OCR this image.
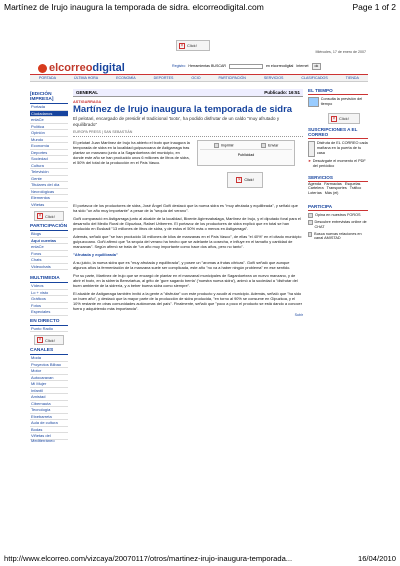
Martínez de Irujo inaugura la temporada de sidra. elcorreodigital.com	Page 1 of 2
× Click!
Miércoles, 17 de enero de 2007
elcorreo digital	Registro Herramientas BUSCAR	en elcorreodigital Internet	ok
PORTADA	ÚLTIMA HORA	ECONOMÍA	DEPORTES	OCIO	PARTICIPACIÓN	SERVICIOS	CLASIFICADOS	TIENDA
[EDICIÓN IMPRESA]
Portada
Ciudadanos
enlaCe
Política
Opinión
Mundo
Economía
Deportes
Sociedad
Cultura
Televisión
Gente
Titulares del día
Necrológicas
Elementos
Viñetas
× Click!
PARTICIPACIÓN
Blogs
Aquí cuentas
enlaCe
Foros
Chats
Videochats
MULTIMEDIA
Vídeos
Lo + visto
Gráficos
Fotos
Especiales
EN DIRECTO
Punto Radio
× Click!
CANALES
Moda
Proyectos Bilbao
Motor
Autocaravan
Mi Mujer
Infantil
Amistad
Cibernauta
Tecnología
Etxebarreta
Aula de cultura
Bodas
Viñetas del Mediterráneo
GENERAL	Publicado: 16:51
ASTIGARRAGA
Martínez de Irujo inaugura la temporada de sidra
El pelotari, encargado de presidir el tradicional 'txotx', ha podido disfrutar de un caldo "muy afrutado y equilibrado"
EUROPA PRESS | SAN SEBASTIÁN
El pelotari Juan Martínez de Irujo ha abierto el txotx que inaugura la temporada de sidra en la localidad guipuzcoana de Astigarraga tras plantar un manzano junto a la Sagardoetxea del municipio, en donde este año se han producido unos 6 millones de litros de sidra, el 50% del total de la producción en el País Vasco.
Imprimir	Enviar
Publicidad
× Click!
El portavoz de los productores de sidra, José Ángel Goñi destacó que la nueva sidra es "muy afrutada y equilibrada", y señaló que ha sido "un año muy importante" a pesar de la "sequía del verano".
Goñi comparació en Astigarraga junto al alcalde de la localidad, Bixente Agirrezabalaga, Martínez de Irujo, y el diputado foral para el desarrollo del Medio Rural de Gipuzkoa, Rafael Uriberren. El portavoz de los productores de sidra explicó que en total se han producido en Euskadi "13 millones de litros de sidra, y de estos el 50% más o menos en Astigarraga".
Además, señaló que "se han producido 16 millones de kilos de manzanas en el País Vasco", de ellas "el 40%" en el citado municipio guipuzcoano. Goñi afirmó que "la sequía del verano ha hecho que se adelante la cosecha, e influye en el tamaño y cantidad de manzanas". Según afirmó se trata de "un año muy importante como hace dos años, pero no tanto".
"Afrutada y equilibrada"
A su juicio, la nueva sidra que es "muy afrutada y equilibrada", y posee un "aromas a frutas cítricas". Goñi señaló que aunque algunos años la fermentación de la manzana suele ser complicada, este año "no va a haber ningún problema" en ese sentido.
Por su parte, Martínez de Irujo que se encargó de plantar en el manzanal municipales de Sagardoetxea un nuevo manzano, y de abrir el txotx, en la sidrería Bereziartua, al grito de 'gure sagardo berria' ('nuestra nueva sidra'), animó a la sociedad a "disfrutar del buen ambiente de la sidrería, y a beber buena sidra como siempre".
El alcalde de Astigarraga también invitó a la gente a "disfrutar" con este producto y acudir al municipio. Además, señaló que "ha sido un buen año", y destacó que la mayor parte de la producción de sidra producida, "en torno al 90% se consume en Gipuzkoa, y el 10% restante en otras comunidades autónomas del país". Finalmente, señaló que "poco a poco el producto se está dando a conocer fuera y adquiriendo más importancia".
Subir
EL TIEMPO
Consulta la previsión del tiempo
× Click!
SUSCRIPCIONES A EL CORREO
Disfruta de EL CORREO cada mañana en la puerta de tu casa
► Descárgate el momento el PDF del periódico
SERVICIOS
Agenda Farmacias Esquelas
Cartelera Transportes Tráfico
Loterías Más (el)
PARTICIPA
Opina en nuestros FOROS
Descubre entrevistas online de CHAT
Busca nuevas relaciones en canal AMISTAD
http://www.elcorreo.com/vizcaya/20070117/otros/martinez-irujo-inaugura-temporada...	16/04/2010
